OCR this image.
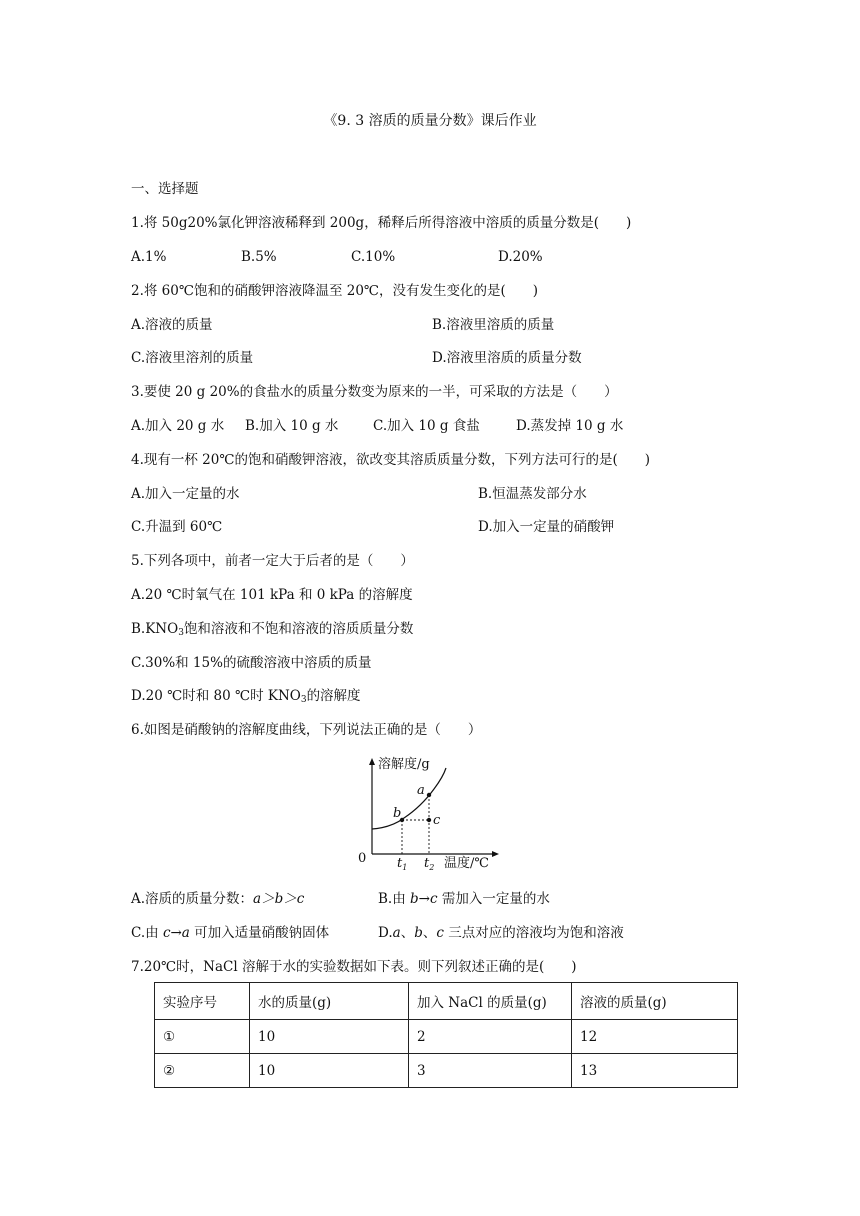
《9. 3 溶质的质量分数》课后作业
一、选择题
1.将 50g20%氯化钾溶液稀释到 200g，稀释后所得溶液中溶质的质量分数是(　　)
A.1%	B.5%	C.10%	D.20%
2.将 60℃饱和的硝酸钾溶液降温至 20℃，没有发生变化的是(　　)
A.溶液的质量	B.溶液里溶质的质量
C.溶液里溶剂的质量	D.溶液里溶质的质量分数
3.要使 20 g 20%的食盐水的质量分数变为原来的一半，可采取的方法是（　　）
A.加入 20 g 水 B.加入 10 g 水	C.加入 10 g 食盐	D.蒸发掉 10 g 水
4.现有一杯 20℃的饱和硝酸钾溶液，欲改变其溶质质量分数，下列方法可行的是(　　)
A.加入一定量的水	B.恒温蒸发部分水
C.升温到 60℃	D.加入一定量的硝酸钾
5.下列各项中，前者一定大于后者的是（　　）
A.20 ℃时氧气在 101 kPa 和 0 kPa 的溶解度
$B.KNO_3$饱和溶液和不饱和溶液的溶质质量分数
C.30%和 15%的硫酸溶液中溶质的质量
D.20 ℃时和 80 ℃时 $KNO_3$的溶解度
6.如图是硝酸钠的溶解度曲线，下列说法正确的是（　　）
溶解度/g
温度/℃
0 $t_1$ $t_2$
a
b c
A.溶质的质量分数：a＞b＞c	B.由 b→c 需加入一定量的水
C.由 c→a 可加入适量硝酸钠固体	D.a、b、c 三点对应的溶液均为饱和溶液
7.20℃时，NaCl 溶解于水的实验数据如下表。则下列叙述正确的是(　　)
实验序号	水的质量(g)	加入 NaCl 的质量(g)	溶液的质量(g)
①	10	2	12
②	10	3	13
